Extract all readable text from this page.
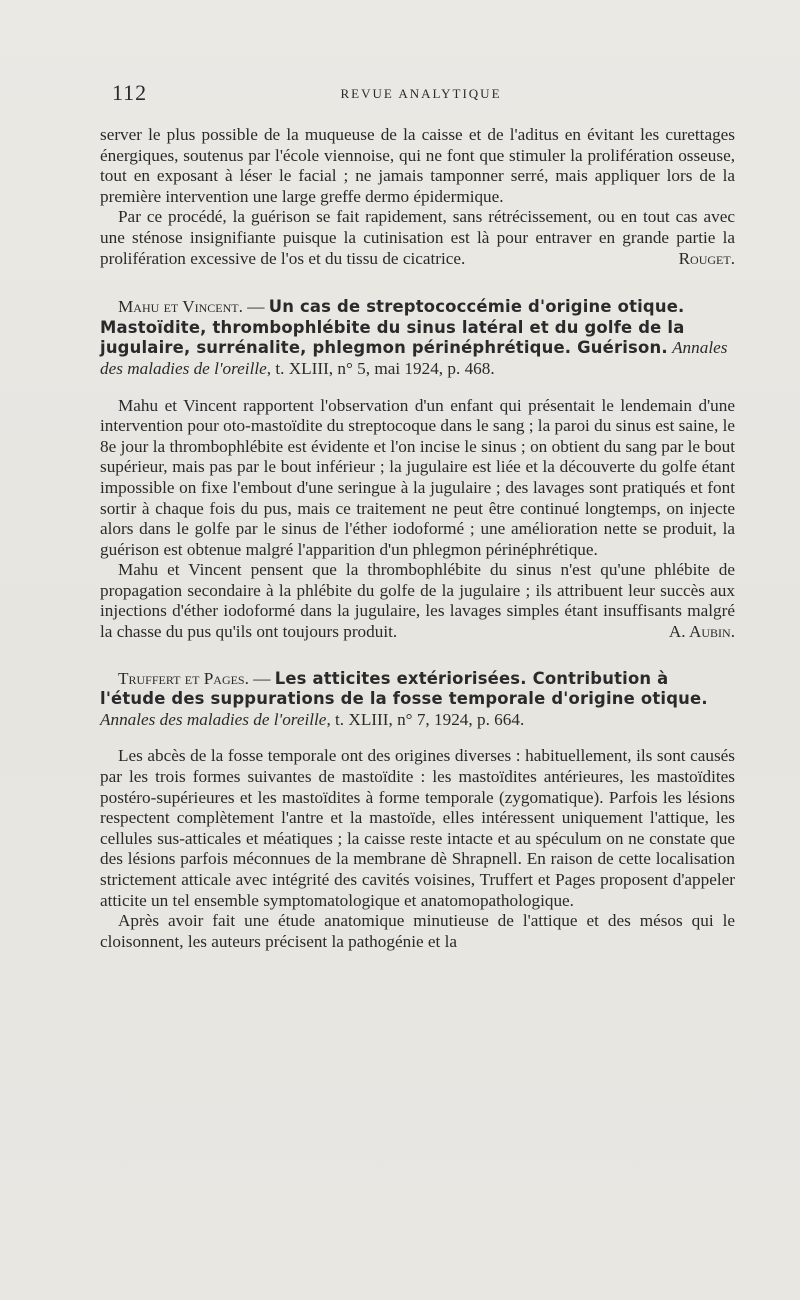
112	REVUE ANALYTIQUE

server le plus possible de la muqueuse de la caisse et de l'aditus en évitant les curettages énergiques, soutenus par l'école viennoise, qui ne font que stimuler la prolifération osseuse, tout en exposant à léser le facial ; ne jamais tamponner serré, mais appliquer lors de la première intervention une large greffe dermo épidermique.

Par ce procédé, la guérison se fait rapidement, sans rétrécissement, ou en tout cas avec une sténose insignifiante puisque la cutinisation est là pour entraver en grande partie la prolifération excessive de l'os et du tissu de cicatrice.	Rouget.

Mahu et Vincent. — Un cas de streptococcémie d'origine otique. Mastoïdite, thrombophlébite du sinus latéral et du golfe de la jugulaire, surrénalite, phlegmon périnéphrétique. Guérison. Annales des maladies de l'oreille, t. XLIII, n° 5, mai 1924, p. 468.

Mahu et Vincent rapportent l'observation d'un enfant qui présentait le lendemain d'une intervention pour oto-mastoïdite du streptocoque dans le sang ; la paroi du sinus est saine, le 8e jour la thrombophlébite est évidente et l'on incise le sinus ; on obtient du sang par le bout supérieur, mais pas par le bout inférieur ; la jugulaire est liée et la découverte du golfe étant impossible on fixe l'embout d'une seringue à la jugulaire ; des lavages sont pratiqués et font sortir à chaque fois du pus, mais ce traitement ne peut être continué longtemps, on injecte alors dans le golfe par le sinus de l'éther iodoformé ; une amélioration nette se produit, la guérison est obtenue malgré l'apparition d'un phlegmon périnéphrétique.

Mahu et Vincent pensent que la thrombophlébite du sinus n'est qu'une phlébite de propagation secondaire à la phlébite du golfe de la jugulaire ; ils attribuent leur succès aux injections d'éther iodoformé dans la jugulaire, les lavages simples étant insuffisants malgré la chasse du pus qu'ils ont toujours produit.	A. Aubin.

Truffert et Pages. — Les atticites extériorisées. Contribution à l'étude des suppurations de la fosse temporale d'origine otique. Annales des maladies de l'oreille, t. XLIII, n° 7, 1924, p. 664.

Les abcès de la fosse temporale ont des origines diverses : habituellement, ils sont causés par les trois formes suivantes de mastoïdite : les mastoïdites antérieures, les mastoïdites postéro-supérieures et les mastoïdites à forme temporale (zygomatique). Parfois les lésions respectent complètement l'antre et la mastoïde, elles intéressent uniquement l'attique, les cellules sus-atticales et méatiques ; la caisse reste intacte et au spéculum on ne constate que des lésions parfois méconnues de la membrane dè Shrapnell. En raison de cette localisation strictement atticale avec intégrité des cavités voisines, Truffert et Pages proposent d'appeler atticite un tel ensemble symptomatologique et anatomopathologique.

Après avoir fait une étude anatomique minutieuse de l'attique et des mésos qui le cloisonnent, les auteurs précisent la pathogénie et la
